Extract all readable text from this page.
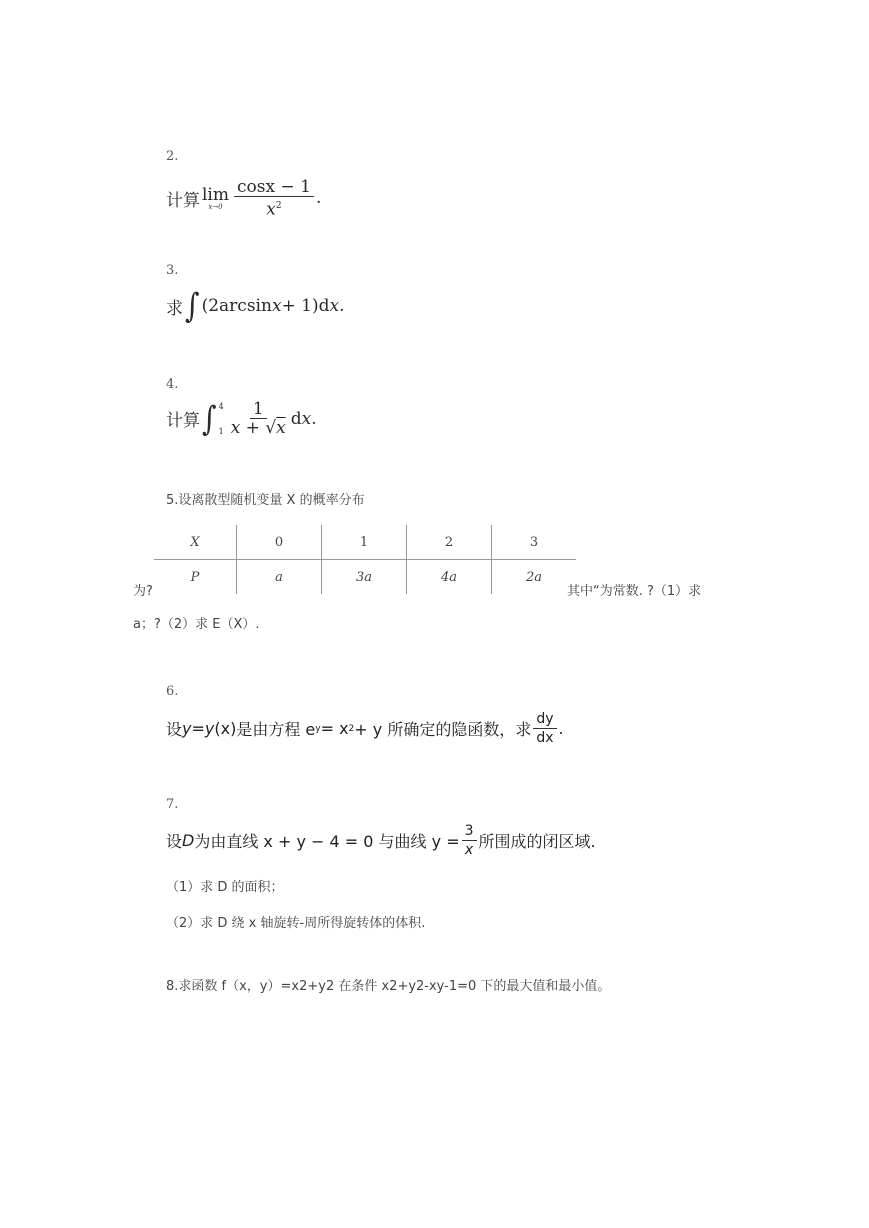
2.
计算 lim
$x\to 0 \frac{\cos x - 1}{x^2}$ .
3.
求 ∫ (2arcsin x + 1)d x .
4.
计算 ∫ 4
$1 \frac{1}{x + √x}$ d x .
5.设离散型随机变量 X 的概率分布
X	0	1	2	3
P	a	3a	4a	2a
为?	其中“为常数. ?（1）求
a；?（2）求 E（X）.
6.
设 y = y (x) 是由方程 e y = x 2 + y 所确定的隐函数，求 $\frac{dy}{dx}$ .
7.
设 D 为由直线 x + y − 4 = 0 与曲线 $y = \frac{3}{x}$ 所围成的闭区域.
（1）求 D 的面积；
（2）求 D 绕 x 轴旋转-周所得旋转体的体积.
8.求函数 f（x，y）=x2+y2 在条件 x2+y2-xy-1=0 下的最大值和最小值。
